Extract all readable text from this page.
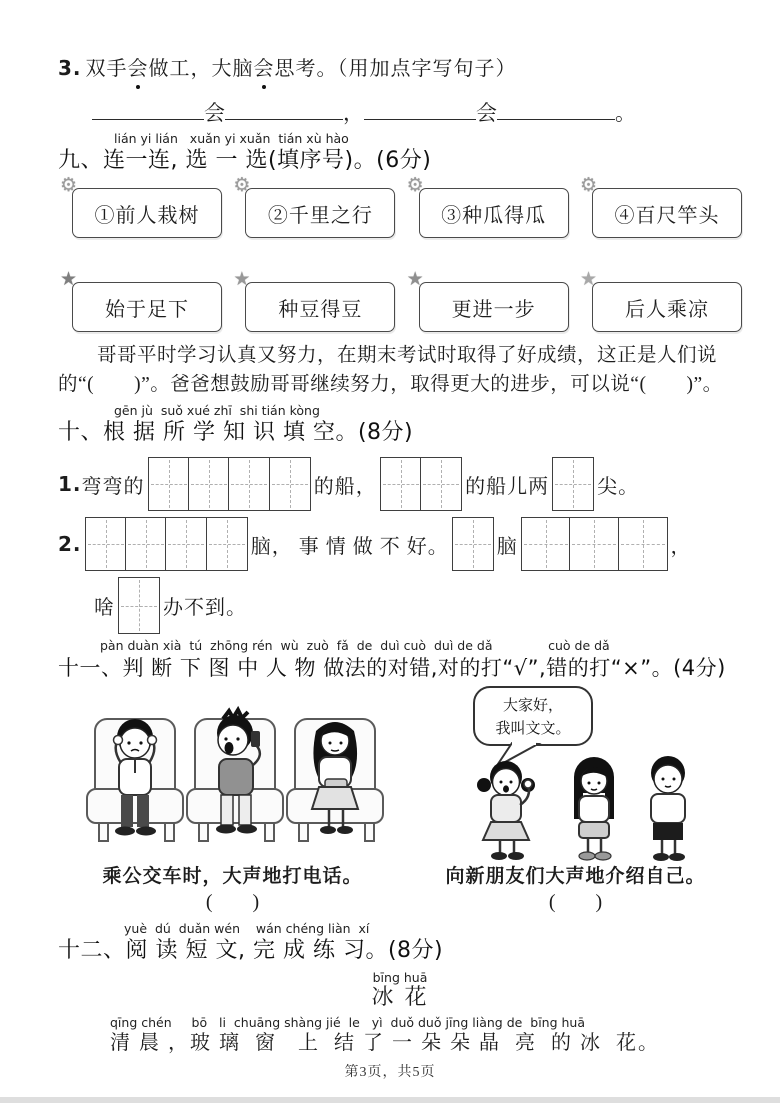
3. 双手会做工，大脑会思考。（用加点字写句子）
会	，	会	。
lián yi lián   xuǎn yi xuǎn  tián xù hào
九、连一连, 选 一 选(填序号)。(6分)
⚙
①前人栽树
⚙
②千里之行
⚙
③种瓜得瓜
⚙
④百尺竿头
★
始于足下
★
种豆得豆
★
更进一步
★
后人乘凉
哥哥平时学习认真又努力，在期末考试时取得了好成绩，这正是人们说
的“(　　)”。爸爸想鼓励哥哥继续努力，取得更大的进步，可以说“(　　)”。
gēn jù  suǒ xué zhī  shi tián kòng
十、根 据 所 学 知 识 填 空。(8分)
1. 弯弯的	的船，	的船儿两 尖。
2.	脑， 事 情 做 不 好。 脑	，
啥 办不到。
pàn duàn xià  tú  zhōng rén  wù  zuò  fǎ  de  duì cuò  duì de dǎ              cuò de dǎ
十一、判 断 下 图 中 人 物 做法的对错,对的打“√”,错的打“×”。(4分)
乘公交车时，大声地打电话。
(        )
大家好，
我叫文文。
向新朋友们大声地介绍自己。
(        )
yuè  dú  duǎn wén    wán chéng liàn  xí
十二、阅 读 短 文, 完 成 练 习。(8分)
bīng huā
冰 花
qīng chén     bō   li  chuāng shàng jié  le   yì  duǒ duǒ jīng liàng de  bīng huā
清 晨 ，玻 璃  窗   上  结 了 一 朵 朵 晶  亮  的 冰  花。
第3页，共5页
